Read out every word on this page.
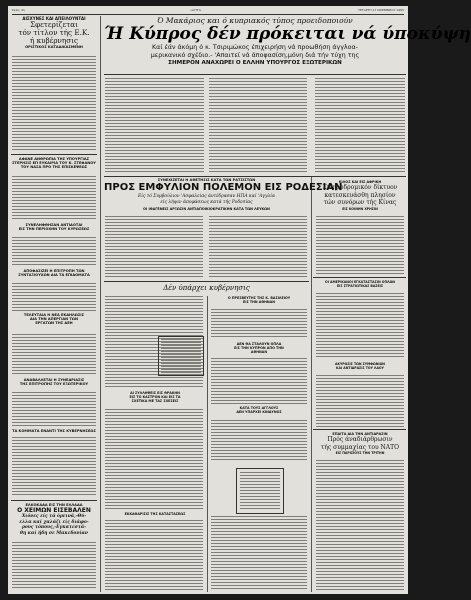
Σελίς 4η	«ΑΥΓΗ»	ΤΕΤΑΡΤΗ 17 ΝΟΕΜΒΡΙΟΥ 1965
ΑΙΣΧΥΝΕΣ ΚΑΙ ΑΠΕΙΛΟΥΝΤΑΙ
Σφετερίζεται
τόν τίτλον τής Ε.Κ.
ή κυβέρνησις
ΟΡΙΣΤΙΚΟΣ ΚΑΤΑΔΙΚΑΣΜΕΝΗ
ΑΦΑΝΕ ΑΝΘΡΩΠΙΑ ΤΗΣ ΥΠΟΥΡΓΙΑΣ
ΣΤΕΡΗΣΙΣ ΕΠ ΕΥΚΑΙΡΙΑ ΤΟΥ Κ. ΣΤΕΦΑΝΟΥ
ΤΟΥ ΝΑΣΑ ΠΡΟ ΤΗΣ ΕΠΙΣΚΕΨΕΩΣ
ΣΥΝΕΛΗΦΘΗΣΑΝ ΑΝΤΙΔΟΤΑΙ
ΕΙΣ ΤΗΝ ΠΕΡΙΟΧΗΝ ΤΟΥ ΚΥΡΩΣΕΩΣ
ΑΠΟΦΑΣΙΖΕΙ Η ΕΠΙΤΡΟΠΗ ΤΩΝ
ΣΥΝΤΑΞΙΟΥΧΩΝ ΔΙΑ ΤΑ ΕΠΙΔΟΜΑΤΑ
ΤΕΛΕΥΤΑΙΑ Η ΝΕΑ ΕΚΔΗΛΩΣΙΣ
ΔΙΑ ΤΗΝ ΑΠΕΡΓΙΑΝ ΤΩΝ
ΕΡΓΑΤΩΝ ΤΗΣ ΔΕΗ
ΑΝΑΒΑΛΛΕΤΑΙ Η ΣΥΝΕΔΡΙΑΣΙΣ
ΤΗΣ ΕΠΙΤΡΟΠΗΣ ΤΟΥ ΕΞΩΤΕΡΙΚΟΥ
ΤΑ ΚΟΜΜΑΤΑ ΕΝΑΝΤΙ ΤΗΣ ΚΥΒΕΡΝΗΣΕΩΣ
ΕΛΚΟΚΑΔΑ ΕΙΣ ΤΗΝ ΕΛΛΑΔΑ
Ο ΧΕΙΜΩΝ ΕΙΣΕΒΑΛΕΝ
Χιόνες είς τά όρεινά,-Θύ-
ελλα καί χαλάζι είς διάφο-
ρους τόπους,-Εγκατεστά-
θη καί ήδη σε Μακεδονίαν
Ό Μακάριος και ό κυπριακός τύπος προειδοποιούν
Ή Κύπρος δέν πρόκειται νά ύποκύψη
Καί έάν άκόμη ό κ. Τσιριμώκος έπιχειρήση νά προωθήση άγγλοα-
μερικανικό σχέδιο.- 'Απαιτεί νά άποφασίση,μόνη διά τήν τύχη της
ΣΗΜΕΡΟΝ ΑΝΑΧΩΡΕΙ Ο ΕΛΛΗΝ ΥΠΟΥΡΓΟΣ ΕΞΩΤΕΡΙΚΩΝ
ΣΥΝΕΧΙΖΕΤΑΙ Η ΑΘΕΤΗΣΙΣ ΚΑΤΑ ΤΩΝ ΡΑΤΣΙΣΤΩΝ
ΠΡΟΣ ΕΜΦΥΛΙΟΝ ΠΟΛΕΜΟΝ ΕΙΣ ΡΟΔΕΣΙΑΝ
Είς τό Συμβούλιον 'Ασφαλείας άντέδρασαν ΗΠΑ καί 'Αγγλία
είς λήψιν άποφάσεως κατά τής Ροδεσίας
ΟΙ ΙΘΑΓΕΝΕΙΣ ΑΡΞΩΣΙΝ ΑΝΤΙΑΠΟΙΚΙΟΚΡΑΤΙΚΗΝ ΚΑΤΑ ΤΩΝ ΛΕΥΚΩΝ
ΚΙΛΟΣ ΚΑΙ ΕΙΣ ΑΦΡΙΚΗ
Σιδηροδρομικόν δίκτυον
κατεσκευάσθη πλησίον
τών συνόρων τής Κίνας
ΕΙΣ ΚΟΙΝΗΝ ΧΡΗΣΙΝ
Δέν ύπάρχει κυβέρνησις
ΑΙ ΣΥΛΛΗΨΕΙΣ ΕΙΣ ΘΡΑΚΗΝ
ΕΙΣ ΤΟ ΚΑΣΤΡΟΝ ΚΑΙ ΕΙΣ ΤΑ
ΣΧΕΤΙΚΑ ΜΕ ΤΑΣ ΣΧΕΣΕΙΣ
ΕΚΚΑΘΑΡΙΣΙΣ ΤΗΣ ΚΑΤΑΣΤΑΣΕΩΣ
Ο ΠΡΕΣΒΕΥΤΗΣ ΤΗΣ Κ. ΒΑΣΙΛΕΙΟΥ
ΕΙΣ ΤΗΝ ΑΘΗΝΑΝ
ΔΕΝ ΘΑ ΣΤΑΛΟΥΝ ΟΠΛΑ
ΕΙΣ ΤΗΝ ΚΥΠΡΟΝ ΑΠΟ ΤΗΝ
ΑΘΗΝΑΝ
ΚΑΤΑ ΤΟΥΣ ΑΓΓΛΟΥΣ
ΔΕΝ ΥΠΑΡΧΕΙ ΚΙΝΔΥΝΟΣ
ΟΙ ΑΜΕΡΙΚΑΝΟΙ ΕΓΚΑΤΑΣΤΑΣΙΝ ΟΠΛΩΝ
ΕΙΣ ΣΤΡΑΤΙΩΤΙΚΑΣ ΒΑΣΕΙΣ
ΑΚΥΡΩΣΙΣ ΤΩΝ ΣΥΜΦΩΝΙΩΝ
ΚΑΙ ΑΝΤΙΔΡΑΣΙΣ ΤΟΥ ΛΑΟΥ
ΕΠΑΙΤΑ ΔΙΑ ΤΗΝ ΑΝΤΙΔΡΑΣΙΝ
Πρός άναδιάρθρωσιν
τής συμμαχίας του ΝΑΤΟ
ΕΙΣ ΠΑΡΙΣΙΟΥΣ ΤΗΝ ΤΡΙΤΗΝ
